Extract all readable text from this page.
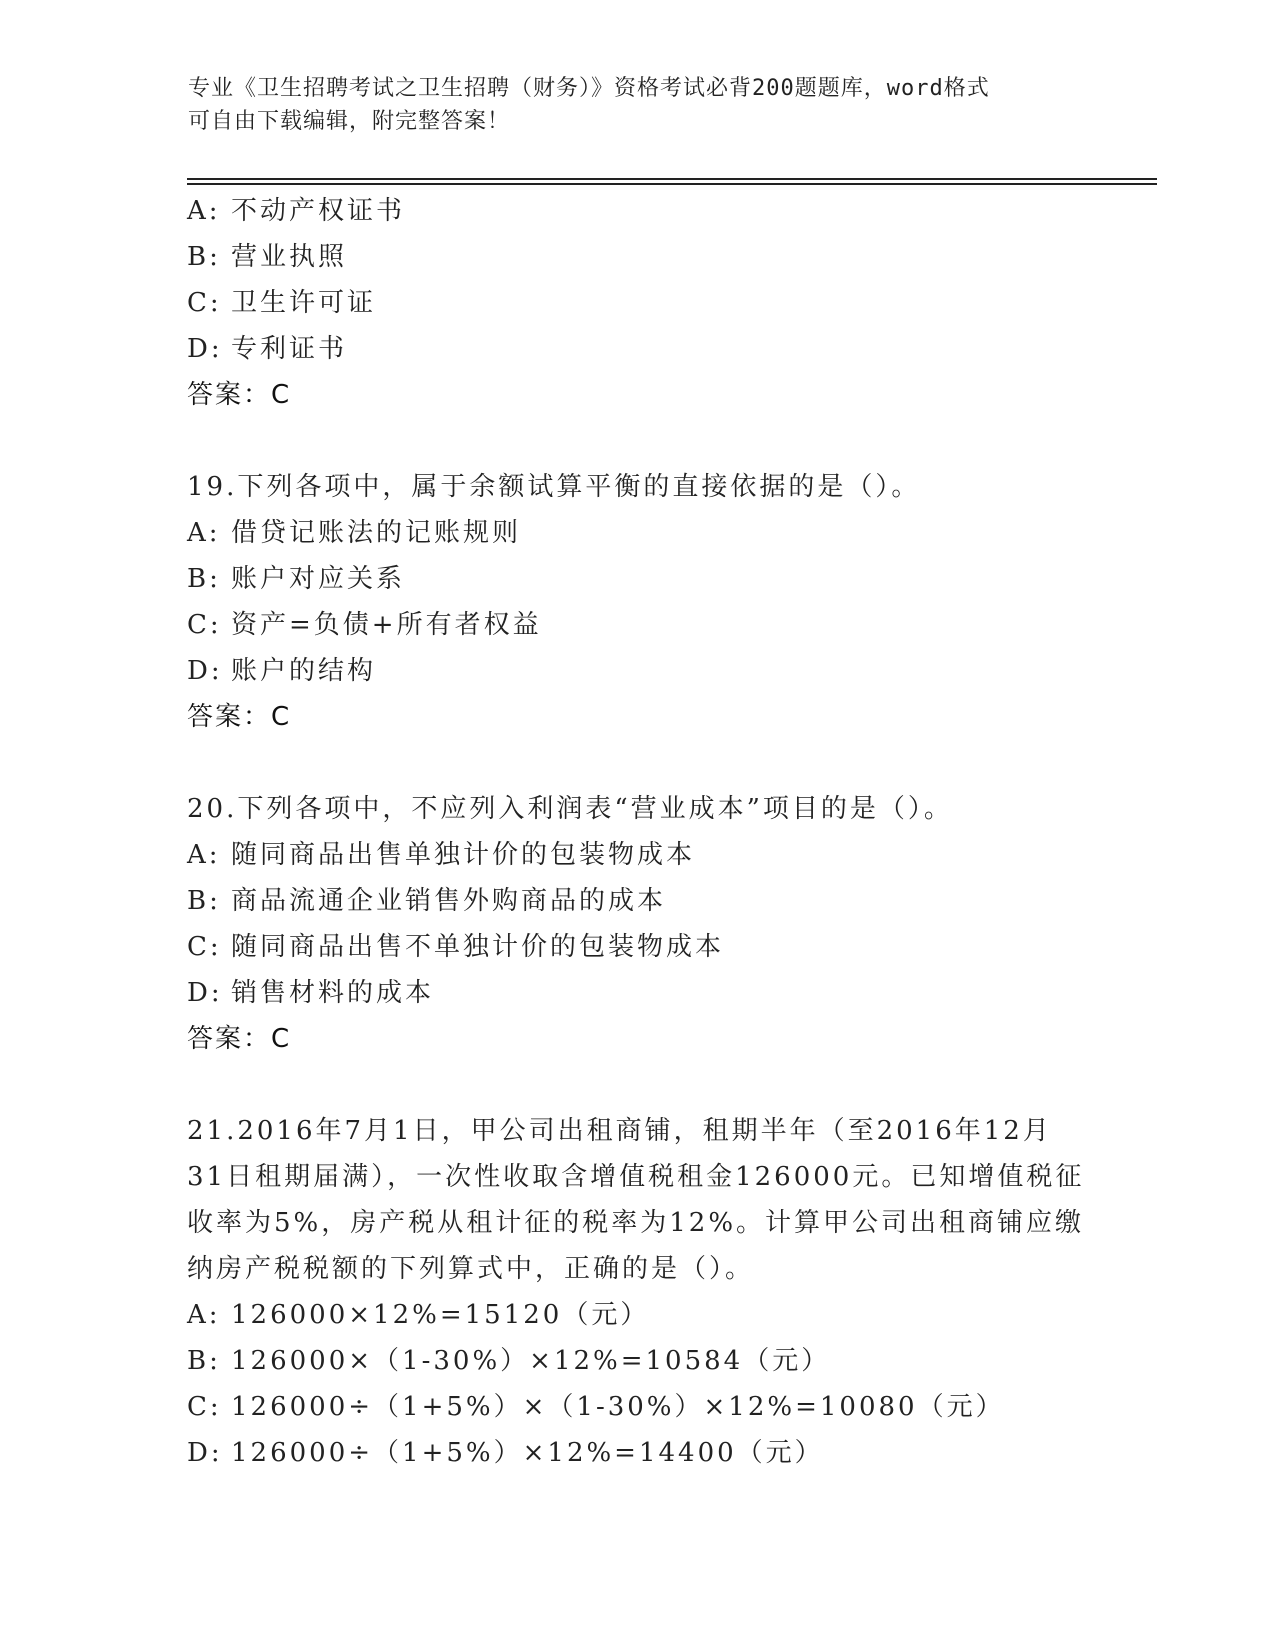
专业《卫生招聘考试之卫生招聘（财务）》资格考试必背200题题库，word格式
可自由下载编辑，附完整答案！
A: 不动产权证书
B: 营业执照
C: 卫生许可证
D: 专利证书
答案：C
19.下列各项中，属于余额试算平衡的直接依据的是（）。
A: 借贷记账法的记账规则
B: 账户对应关系
C: 资产=负债+所有者权益
D: 账户的结构
答案：C
20.下列各项中，不应列入利润表“营业成本”项目的是（）。
A: 随同商品出售单独计价的包装物成本
B: 商品流通企业销售外购商品的成本
C: 随同商品出售不单独计价的包装物成本
D: 销售材料的成本
答案：C
21.2016年7月1日，甲公司出租商铺，租期半年（至2016年12月
31日租期届满），一次性收取含增值税租金126000元。已知增值税征
收率为5%，房产税从租计征的税率为12%。计算甲公司出租商铺应缴
纳房产税税额的下列算式中，正确的是（）。
A: 126000×12%=15120（元）
B: 126000×（1-30%）×12%=10584（元）
C: 126000÷（1+5%）×（1-30%）×12%=10080（元）
D: 126000÷（1+5%）×12%=14400（元）
